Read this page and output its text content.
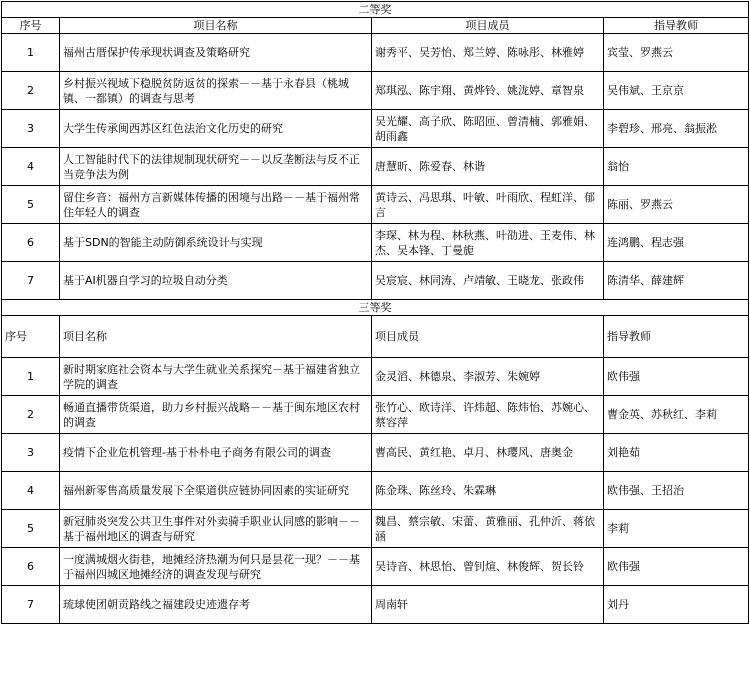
二等奖			
序号	项目名称	项目成员	指导教师
1	福州古厝保护传承现状调查及策略研究	谢秀平、吴芳怡、郑兰婷、陈咏彤、林雅婷	宾莹、罗燕云
2	乡村振兴视域下稳脱贫防返贫的探索－－基于永春县（桃城镇、一都镇）的调查与思考	郑琪泓、陈宇翔、黄烨铃、姚泷婷、章智泉	吴伟斌、王京京
3	大学生传承闽西苏区红色法治文化历史的研究	吴光耀、高子欣、陈昭匝、曾清楠、郭雅娟、胡雨鑫	李碧珍、邢亮、翁振淞
4	人工智能时代下的法律规制现状研究－－以反垄断法与反不正当竞争法为例	唐慧昕、陈爱春、林谐	翁怡
5	留住乡音：福州方言新媒体传播的困境与出路－－基于福州常住年轻人的调查	黄诗云、冯思琪、叶敏、叶雨欣、程虹洋、郁言	陈丽、罗燕云
6	基于SDN的智能主动防御系统设计与实现	李琛、林为程、林秋燕、叶劭进、王麦伟、林杰、吴本锋、丁曼旎	连鸿鹏、程志强
7	基于AI机器自学习的垃圾自动分类	吴宸宸、林同涛、卢靖敏、王晓龙、张政伟	陈清华、薛建辉
三等奖			
序号	项目名称	项目成员	指导教师
1	新时期家庭社会资本与大学生就业关系探究－基于福建省独立学院的调查	金灵滔、林德泉、李淑芳、朱婉婷	欧伟强
2	畅通直播带货渠道，助力乡村振兴战略－－基于闽东地区农村的调查	张竹心、欧诗洋、许炜超、陈炜怡、苏婉心、蔡容萍	曹金英、苏秋红、李莉
3	疫情下企业危机管理-基于朴朴电子商务有限公司的调查	曹高民、黄红艳、卓月、林璎风、唐奥金	刘艳茹
4	福州新零售高质量发展下全渠道供应链协同因素的实证研究	陈金珠、陈丝玲、朱霖琳	欧伟强、王招治
5	新冠肺炎突发公共卫生事件对外卖骑手职业认同感的影响－－基于福州地区的调查与研究	魏昌、蔡宗敏、宋蕾、黄雅丽、孔仲沂、蒋依涵	李莉
6	一度满城烟火街巷，地摊经济热潮为何只是昙花一现？－－基于福州四城区地摊经济的调查发现与研究	吴诗音、林思怡、曾钊煊、林俊辉、贺长铃	欧伟强
7	琉球使团朝贡路线之福建段史迹遗存考	周南轩	刘丹
